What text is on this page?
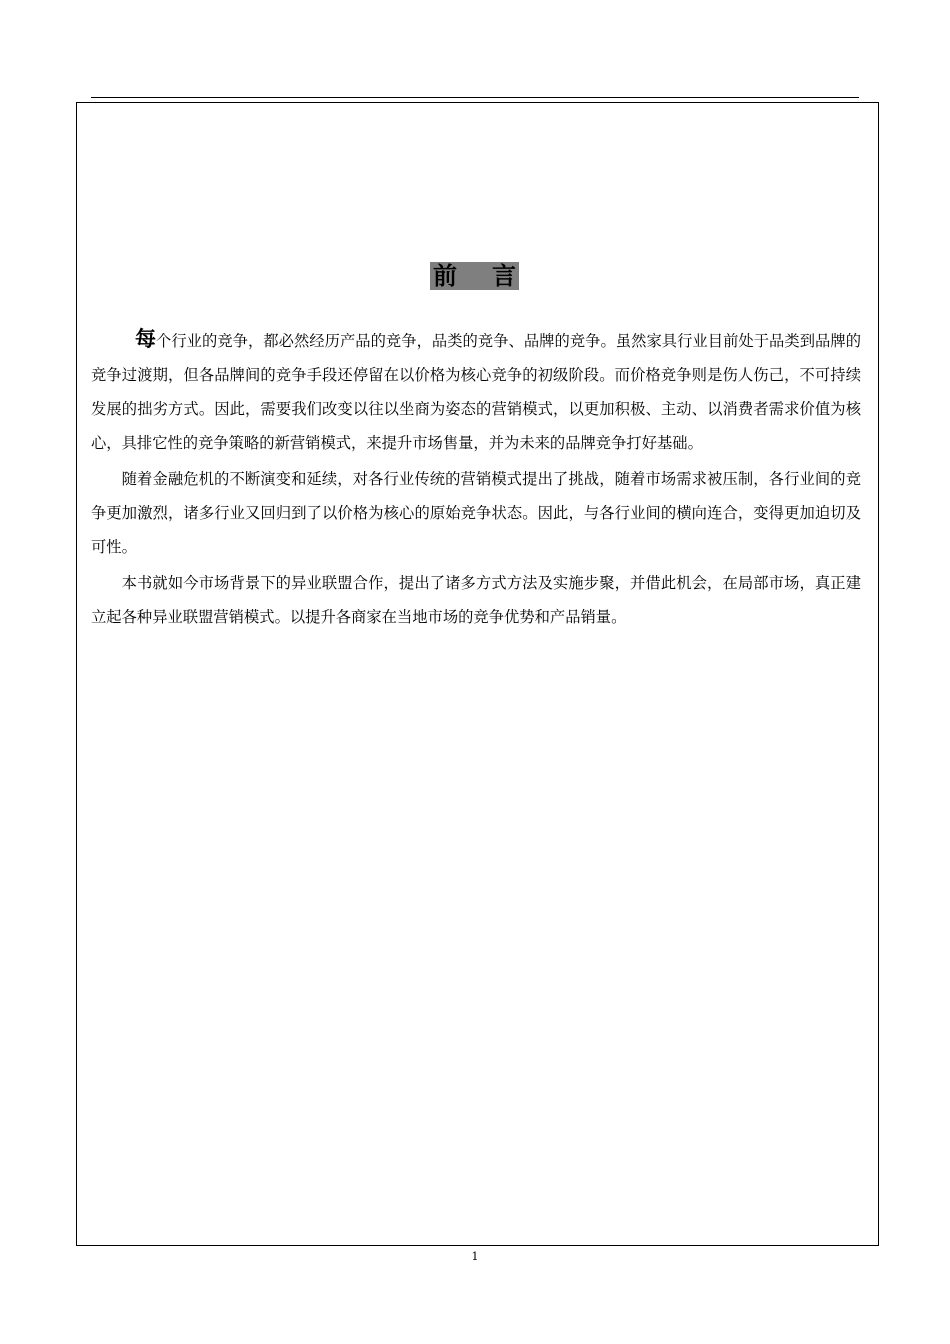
前 言

每个行业的竞争，都必然经历产品的竞争，品类的竞争、品牌的竞争。虽然家具行业目前处于品类到品牌的竞争过渡期，但各品牌间的竞争手段还停留在以价格为核心竞争的初级阶段。而价格竞争则是伤人伤己，不可持续发展的拙劣方式。因此，需要我们改变以往以坐商为姿态的营销模式，以更加积极、主动、以消费者需求价值为核心，具排它性的竞争策略的新营销模式，来提升市场售量，并为未来的品牌竞争打好基础。

随着金融危机的不断演变和延续，对各行业传统的营销模式提出了挑战，随着市场需求被压制，各行业间的竞争更加激烈，诸多行业又回归到了以价格为核心的原始竞争状态。因此，与各行业间的横向连合，变得更加迫切及可性。

本书就如今市场背景下的异业联盟合作，提出了诸多方式方法及实施步聚，并借此机会，在局部市场，真正建立起各种异业联盟营销模式。以提升各商家在当地市场的竞争优势和产品销量。

1
